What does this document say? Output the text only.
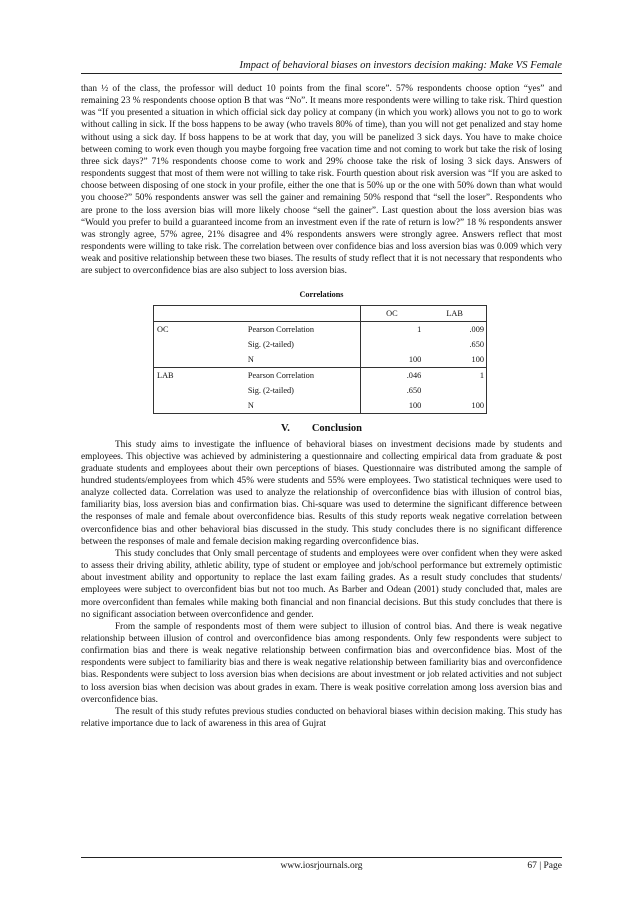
Impact of behavioral biases on investors decision making: Make VS Female

than ½ of the class, the professor will deduct 10 points from the final score”. 57% respondents choose option “yes” and remaining 23 % respondents choose option B that was “No”. It means more respondents were willing to take risk. Third question was “If you presented a situation in which official sick day policy at company (in which you work) allows you not to go to work without calling in sick. If the boss happens to be away (who travels 80% of time), than you will not get penalized and stay home without using a sick day. If boss happens to be at work that day, you will be panelized 3 sick days. You have to make choice between coming to work even though you maybe forgoing free vacation time and not coming to work but take the risk of losing three sick days?” 71% respondents choose come to work and 29% choose take the risk of losing 3 sick days. Answers of respondents suggest that most of them were not willing to take risk. Fourth question about risk aversion was “If you are asked to choose between disposing of one stock in your profile, either the one that is 50% up or the one with 50% down than what would you choose?” 50% respondents answer was sell the gainer and remaining 50% respond that “sell the loser”. Respondents who are prone to the loss aversion bias will more likely choose “sell the gainer”. Last question about the loss aversion bias was “Would you prefer to build a guaranteed income from an investment even if the rate of return is low?” 18 % respondents answer was strongly agree, 57% agree, 21% disagree and 4% respondents answers were strongly agree. Answers reflect that most respondents were willing to take risk. The correlation between over confidence bias and loss aversion bias was 0.009 which very weak and positive relationship between these two biases. The results of study reflect that it is not necessary that respondents who are subject to overconfidence bias are also subject to loss aversion bias.

Correlations
		OC	LAB
OC	Pearson Correlation	1	.009
	Sig. (2-tailed)		.650
	N	100	100
LAB	Pearson Correlation	.046	1
	Sig. (2-tailed)	.650	
	N	100	100
V. Conclusion

This study aims to investigate the influence of behavioral biases on investment decisions made by students and employees. This objective was achieved by administering a questionnaire and collecting empirical data from graduate & post graduate students and employees about their own perceptions of biases. Questionnaire was distributed among the sample of hundred students/employees from which 45% were students and 55% were employees. Two statistical techniques were used to analyze collected data. Correlation was used to analyze the relationship of overconfidence bias with illusion of control bias, familiarity bias, loss aversion bias and confirmation bias. Chi-square was used to determine the significant difference between the responses of male and female about overconfidence bias. Results of this study reports weak negative correlation between overconfidence bias and other behavioral bias discussed in the study. This study concludes there is no significant difference between the responses of male and female decision making regarding overconfidence bias.

This study concludes that Only small percentage of students and employees were over confident when they were asked to assess their driving ability, athletic ability, type of student or employee and job/school performance but extremely optimistic about investment ability and opportunity to replace the last exam failing grades. As a result study concludes that students/ employees were subject to overconfident bias but not too much. As Barber and Odean (2001) study concluded that, males are more overconfident than females while making both financial and non financial decisions. But this study concludes that there is no significant association between overconfidence and gender.

From the sample of respondents most of them were subject to illusion of control bias. And there is weak negative relationship between illusion of control and overconfidence bias among respondents. Only few respondents were subject to confirmation bias and there is weak negative relationship between confirmation bias and overconfidence bias. Most of the respondents were subject to familiarity bias and there is weak negative relationship between familiarity bias and overconfidence bias. Respondents were subject to loss aversion bias when decisions are about investment or job related activities and not subject to loss aversion bias when decision was about grades in exam. There is weak positive correlation among loss aversion bias and overconfidence bias.

The result of this study refutes previous studies conducted on behavioral biases within decision making. This study has relative importance due to lack of awareness in this area of Gujrat

www.iosrjournals.org	67 | Page
